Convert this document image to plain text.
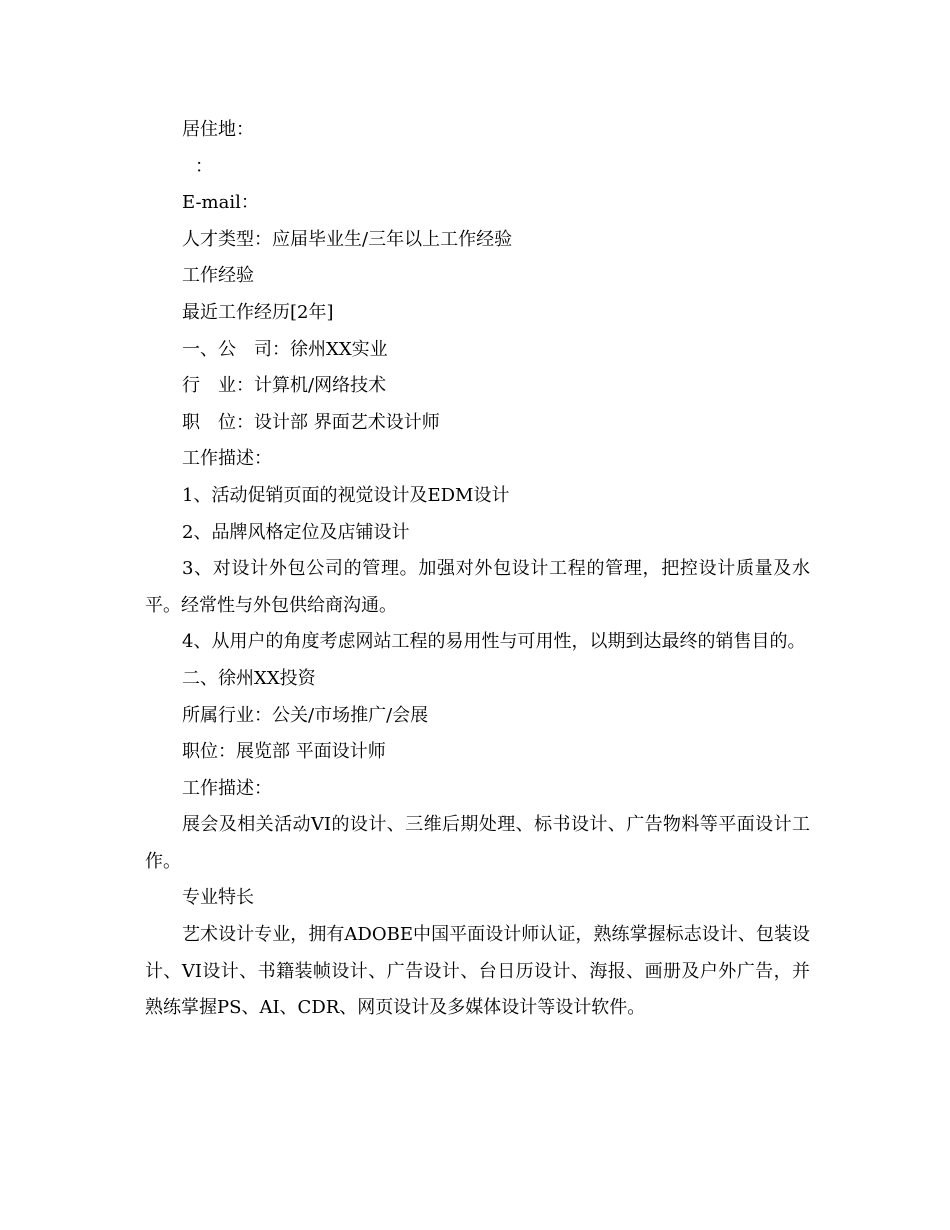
居住地：

：

E-mail：

人才类型：应届毕业生/三年以上工作经验

工作经验

最近工作经历[2年]

一、公　司：徐州XX实业

行　业：计算机/网络技术

职　位：设计部 界面艺术设计师

工作描述：

1、活动促销页面的视觉设计及EDM设计

2、品牌风格定位及店铺设计

3、对设计外包公司的管理。加强对外包设计工程的管理，把控设计质量及水平。经常性与外包供给商沟通。

4、从用户的角度考虑网站工程的易用性与可用性，以期到达最终的销售目的。

二、徐州XX投资

所属行业：公关/市场推广/会展

职位：展览部 平面设计师

工作描述：

展会及相关活动VI的设计、三维后期处理、标书设计、广告物料等平面设计工作。

专业特长

艺术设计专业，拥有ADOBE中国平面设计师认证，熟练掌握标志设计、包装设计、VI设计、书籍装帧设计、广告设计、台日历设计、海报、画册及户外广告，并熟练掌握PS、AI、CDR、网页设计及多媒体设计等设计软件。
